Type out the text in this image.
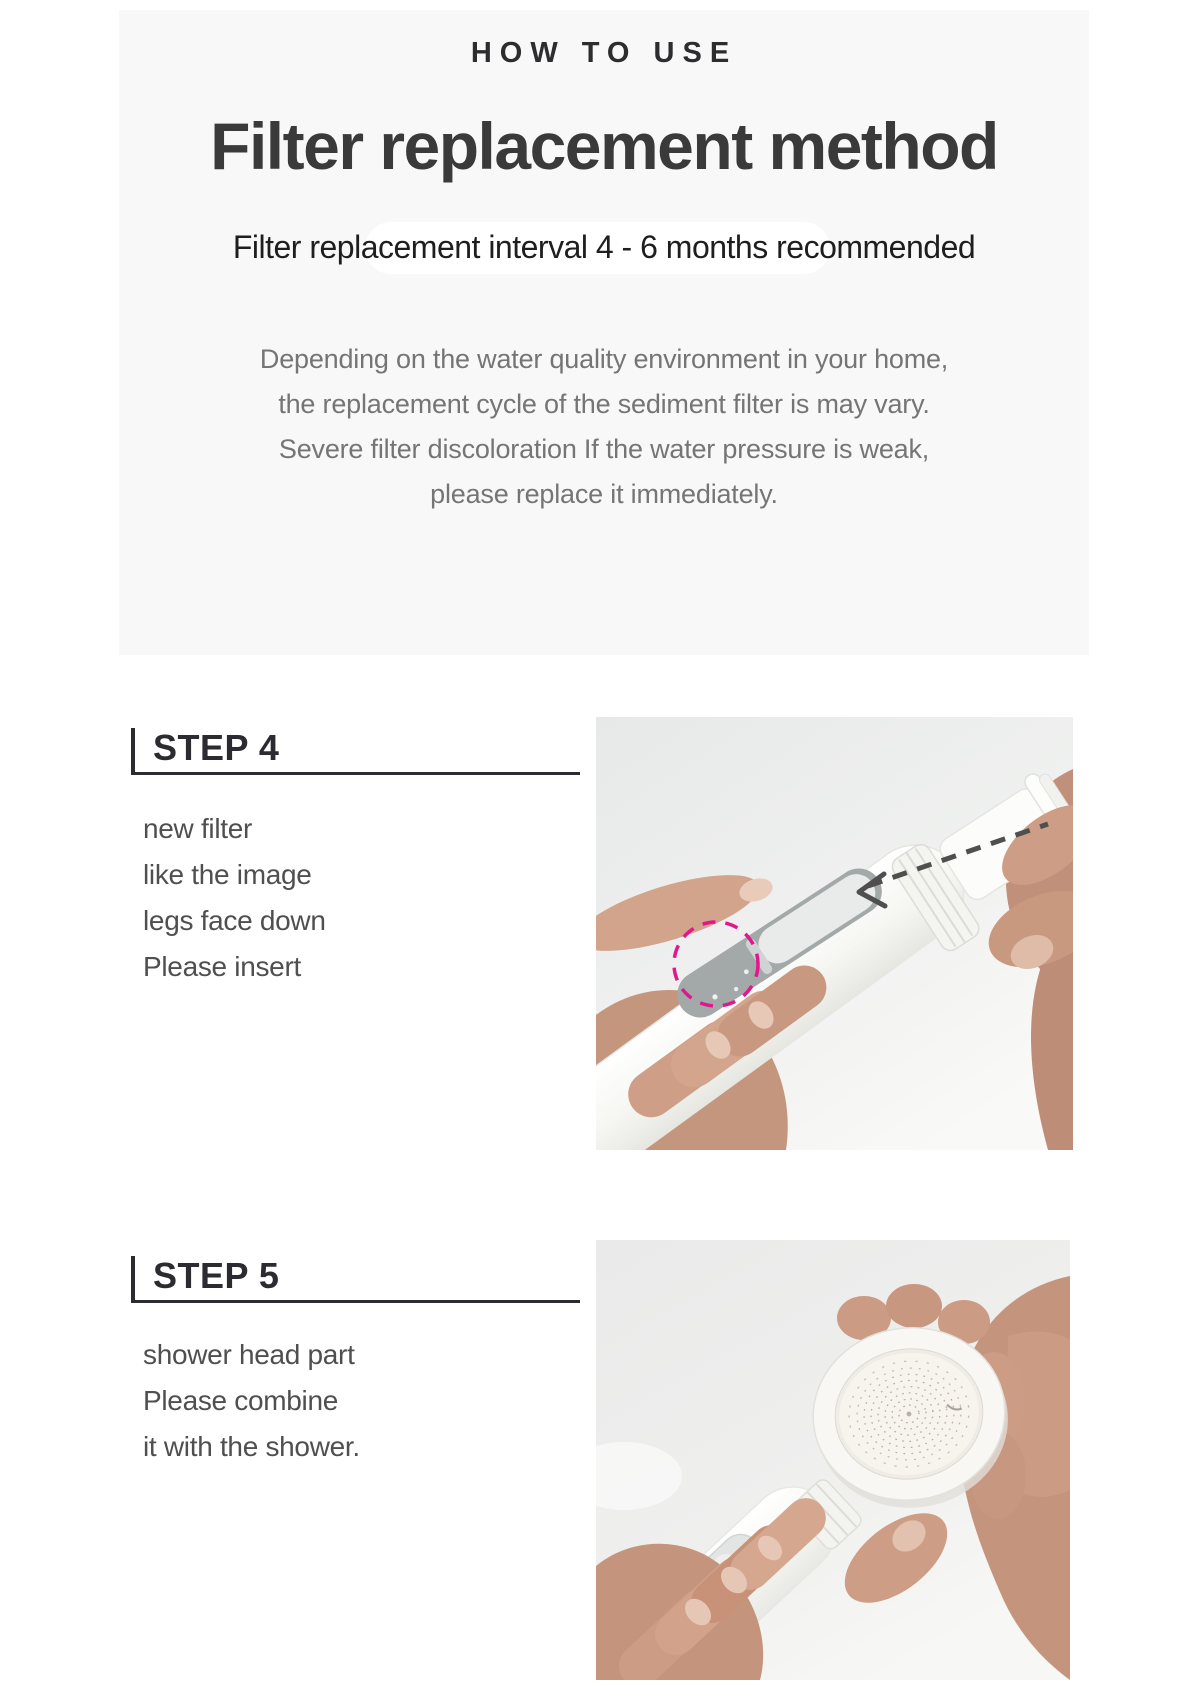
HOW TO USE
Filter replacement method
Filter replacement interval 4 - 6 months recommended
Depending on the water quality environment in your home,
the replacement cycle of the sediment filter is may vary.
Severe filter discoloration If the water pressure is weak,
please replace it immediately.
STEP 4
new filter
like the image
legs face down
Please insert
STEP 5
shower head part
Please combine
it with the shower.
